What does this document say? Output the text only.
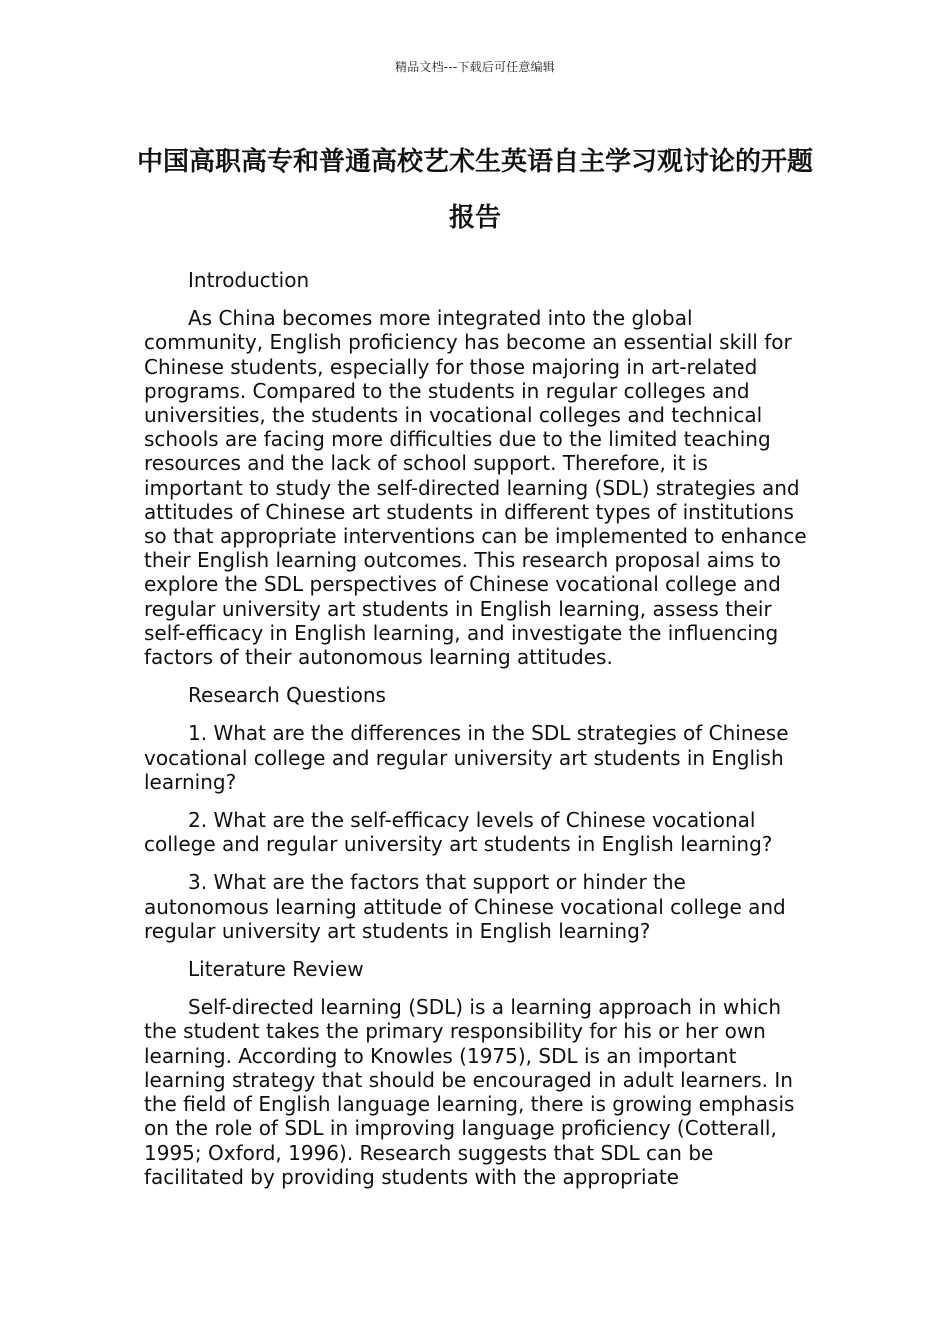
精品文档---下载后可任意编辑
中国高职高专和普通高校艺术生英语自主学习观讨论的开题报告

Introduction

As China becomes more integrated into the global community, English proficiency has become an essential skill for Chinese students, especially for those majoring in art-related programs. Compared to the students in regular colleges and universities, the students in vocational colleges and technical schools are facing more difficulties due to the limited teaching resources and the lack of school support. Therefore, it is important to study the self-directed learning (SDL) strategies and attitudes of Chinese art students in different types of institutions so that appropriate interventions can be implemented to enhance their English learning outcomes. This research proposal aims to explore the SDL perspectives of Chinese vocational college and regular university art students in English learning, assess their self-efficacy in English learning, and investigate the influencing factors of their autonomous learning attitudes.

Research Questions

1. What are the differences in the SDL strategies of Chinese vocational college and regular university art students in English learning?

2. What are the self-efficacy levels of Chinese vocational college and regular university art students in English learning?

3. What are the factors that support or hinder the autonomous learning attitude of Chinese vocational college and regular university art students in English learning?

Literature Review

Self-directed learning (SDL) is a learning approach in which the student takes the primary responsibility for his or her own learning. According to Knowles (1975), SDL is an important learning strategy that should be encouraged in adult learners. In the field of English language learning, there is growing emphasis on the role of SDL in improving language proficiency (Cotterall, 1995; Oxford, 1996). Research suggests that SDL can be facilitated by providing students with the appropriate
